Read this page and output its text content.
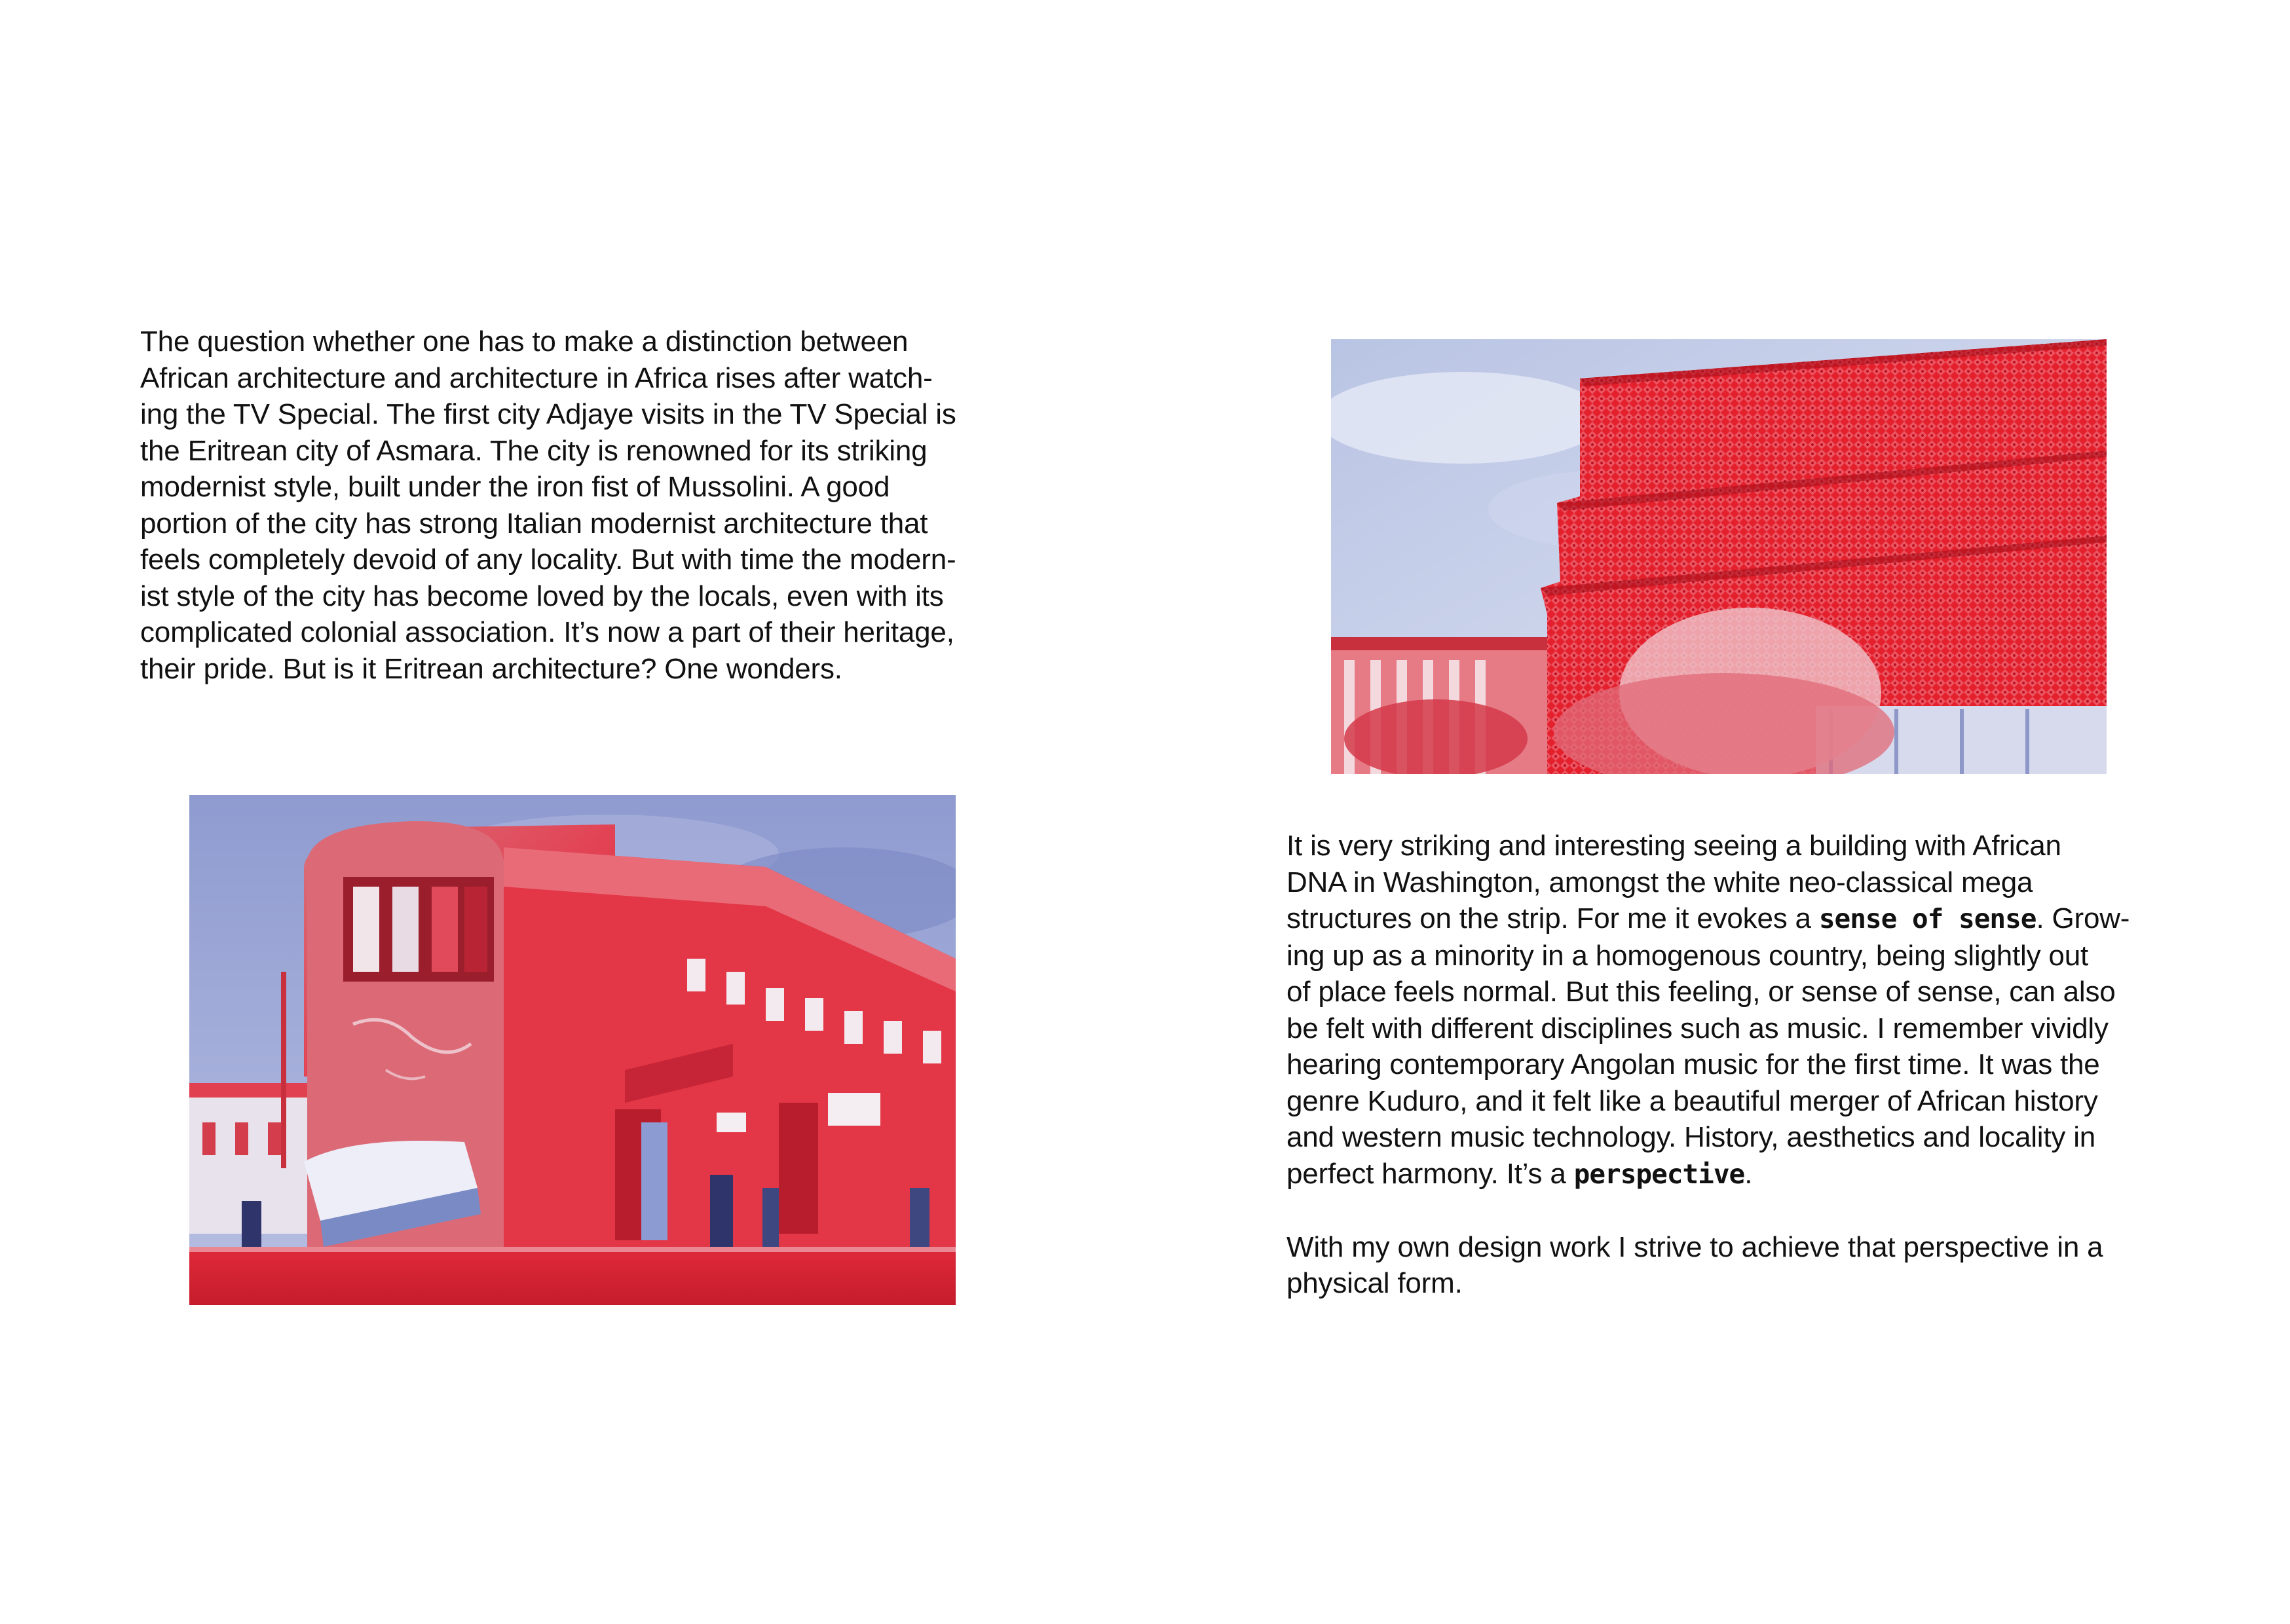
The question whether one has to make a distinction between
African architecture and architecture in Africa rises after watch-
ing the TV Special. The first city Adjaye visits in the TV Special is
the Eritrean city of Asmara. The city is renowned for its striking
modernist style, built under the iron fist of Mussolini. A good
portion of the city has strong Italian modernist architecture that
feels completely devoid of any locality. But with time the modern-
ist style of the city has become loved by the locals, even with its
complicated colonial association. It’s now a part of their heritage,
their pride. But is it Eritrean architecture? One wonders.
It is very striking and interesting seeing a building with African
DNA in Washington, amongst the white neo-classical mega
structures on the strip. For me it evokes a sense of sense. Grow-
ing up as a minority in a homogenous country, being slightly out
of place feels normal. But this feeling, or sense of sense, can also
be felt with different disciplines such as music. I remember vividly
hearing contemporary Angolan music for the first time. It was the
genre Kuduro, and it felt like a beautiful merger of African history
and western music technology. History, aesthetics and locality in
perfect harmony. It’s a perspective.
With my own design work I strive to achieve that perspective in a
physical form.
